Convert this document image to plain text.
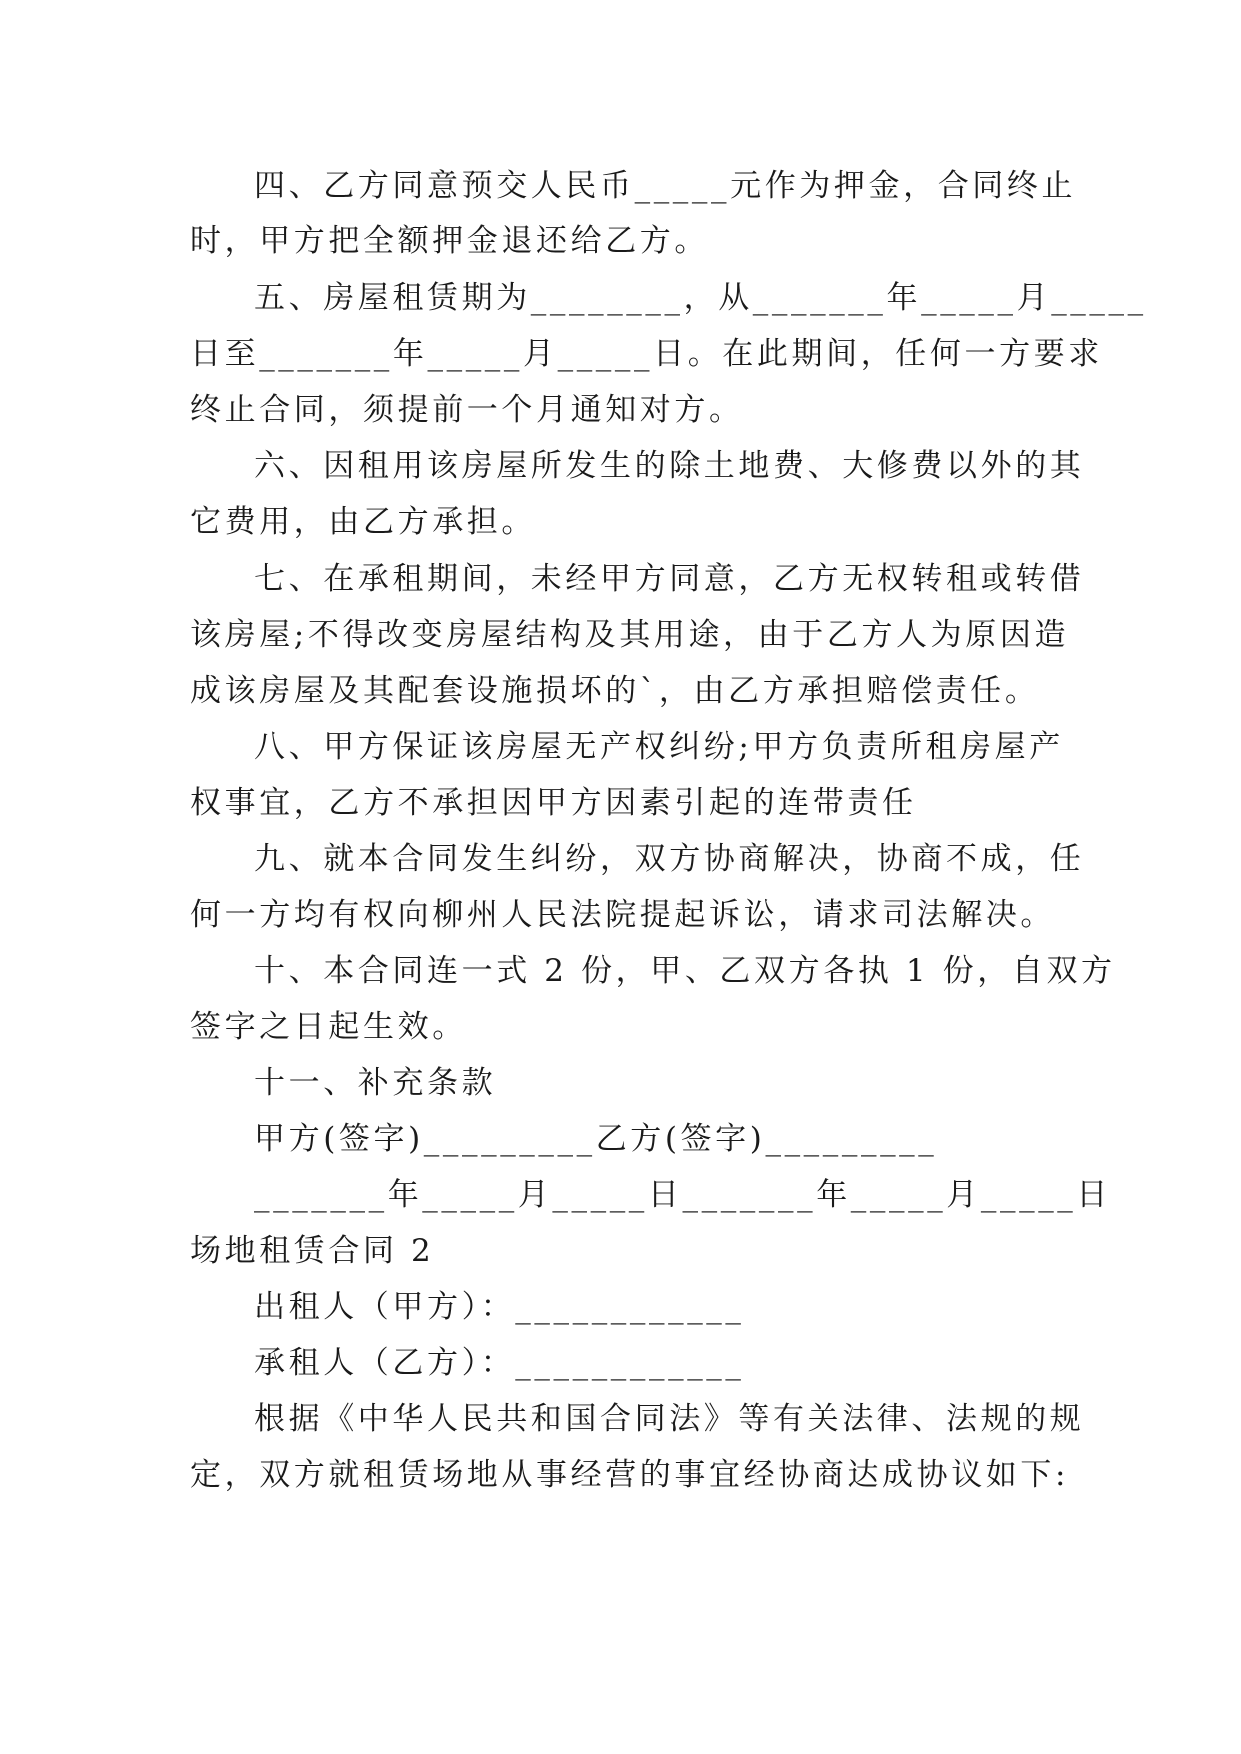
四、乙方同意预交人民币_____元作为押金，合同终止
时，甲方把全额押金退还给乙方。
五、房屋租赁期为________，从_______年_____月_____
日至_______年_____月_____日。在此期间，任何一方要求
终止合同，须提前一个月通知对方。
六、因租用该房屋所发生的除土地费、大修费以外的其
它费用，由乙方承担。
七、在承租期间，未经甲方同意，乙方无权转租或转借
该房屋;不得改变房屋结构及其用途，由于乙方人为原因造
成该房屋及其配套设施损坏的`，由乙方承担赔偿责任。
八、甲方保证该房屋无产权纠纷;甲方负责所租房屋产
权事宜，乙方不承担因甲方因素引起的连带责任
九、就本合同发生纠纷，双方协商解决，协商不成，任
何一方均有权向柳州人民法院提起诉讼，请求司法解决。
十、本合同连一式 2 份，甲、乙双方各执 1 份，自双方
签字之日起生效。
十一、补充条款
甲方(签字)_________乙方(签字)_________
_______年_____月_____日_______年_____月_____日
场地租赁合同 2
出租人（甲方）：____________
承租人（乙方）：____________
根据《中华人民共和国合同法》等有关法律、法规的规
定，双方就租赁场地从事经营的事宜经协商达成协议如下:
